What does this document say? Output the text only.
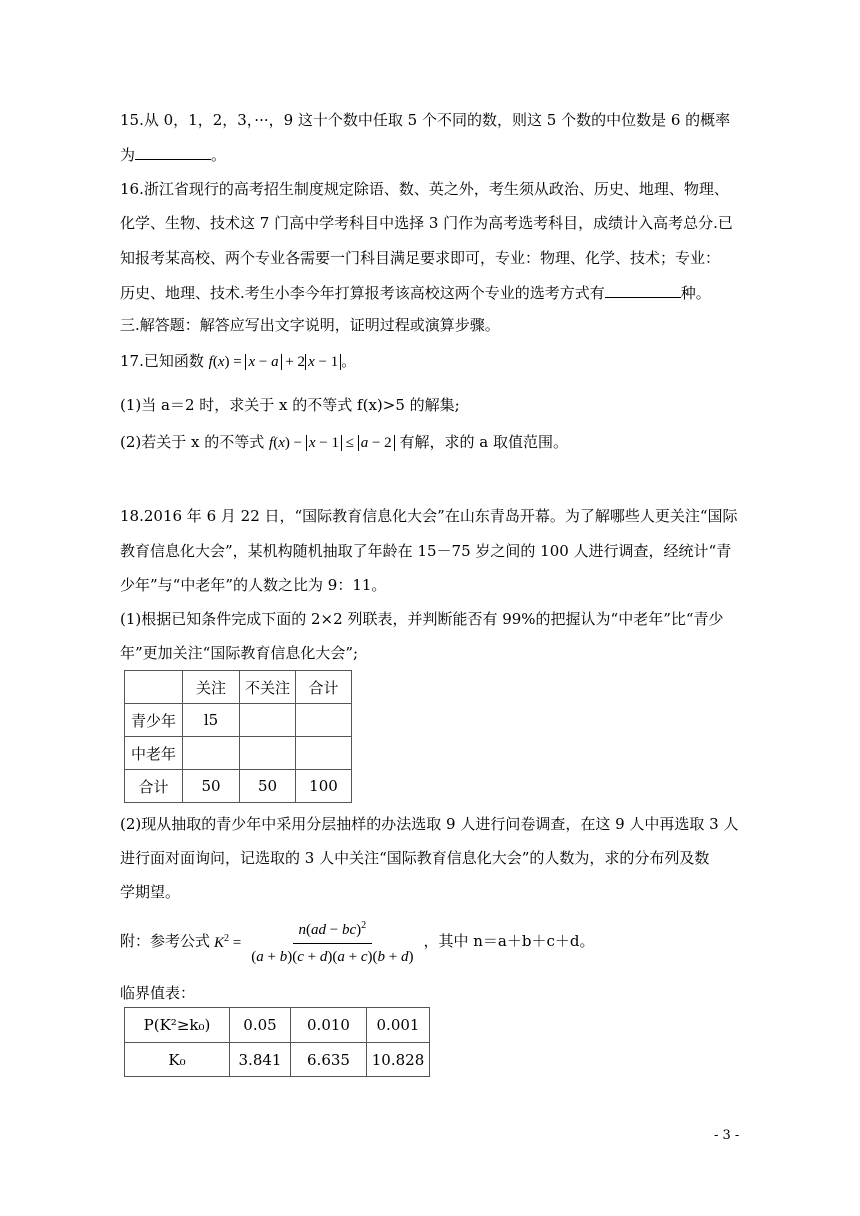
15.从 0，1，2，3，···，9 这十个数中任取 5 个不同的数，则这 5 个数的中位数是 6 的概率
为	。
16.浙江省现行的高考招生制度规定除语、数、英之外，考生须从政治、历史、地理、物理、
化学、生物、技术这 7 门高中学考科目中选择 3 门作为高考选考科目，成绩计入高考总分.已
知报考某高校、两个专业各需要一门科目满足要求即可，专业：物理、化学、技术；专业：
历史、地理、技术.考生小李今年打算报考该高校这两个专业的选考方式有	种。
三.解答题：解答应写出文字说明，证明过程或演算步骤。
17.已知函数 f(x) = x − a + 2 x − 1 。
(1)当 a＝2 时，求关于 x 的不等式 f(x)>5 的解集;
(2)若关于 x 的不等式 f(x) − x − 1 ≤ a − 2 有解，求的 a 取值范围。
18.2016 年 6 月 22 日，“国际教育信息化大会”在山东青岛开幕。为了解哪些人更关注“国际
教育信息化大会”，某机构随机抽取了年龄在 15－75 岁之间的 100 人进行调查，经统计“青
少年”与“中老年”的人数之比为 9：11。
(1)根据已知条件完成下面的 2×2 列联表，并判断能否有 99%的把握认为“中老年”比“青少
年”更加关注“国际教育信息化大会”;
	关注	不关注	合计
青少年	l5		
中老年			
合计	50	50	100
(2)现从抽取的青少年中采用分层抽样的办法选取 9 人进行问卷调查，在这 9 人中再选取 3 人
进行面对面询问，记选取的 3 人中关注“国际教育信息化大会”的人数为，求的分布列及数
学期望。
附：参考公式 $K^2 = \frac{n(ad - bc)^2}{(a + b)(c + d)(a + c)(b + d)}$ ，其中 n＝a＋b＋c＋d。
临界值表：
P(K²≥k₀)	0.05	0.010	0.001
K₀	3.841	6.635	10.828
- 3 -
